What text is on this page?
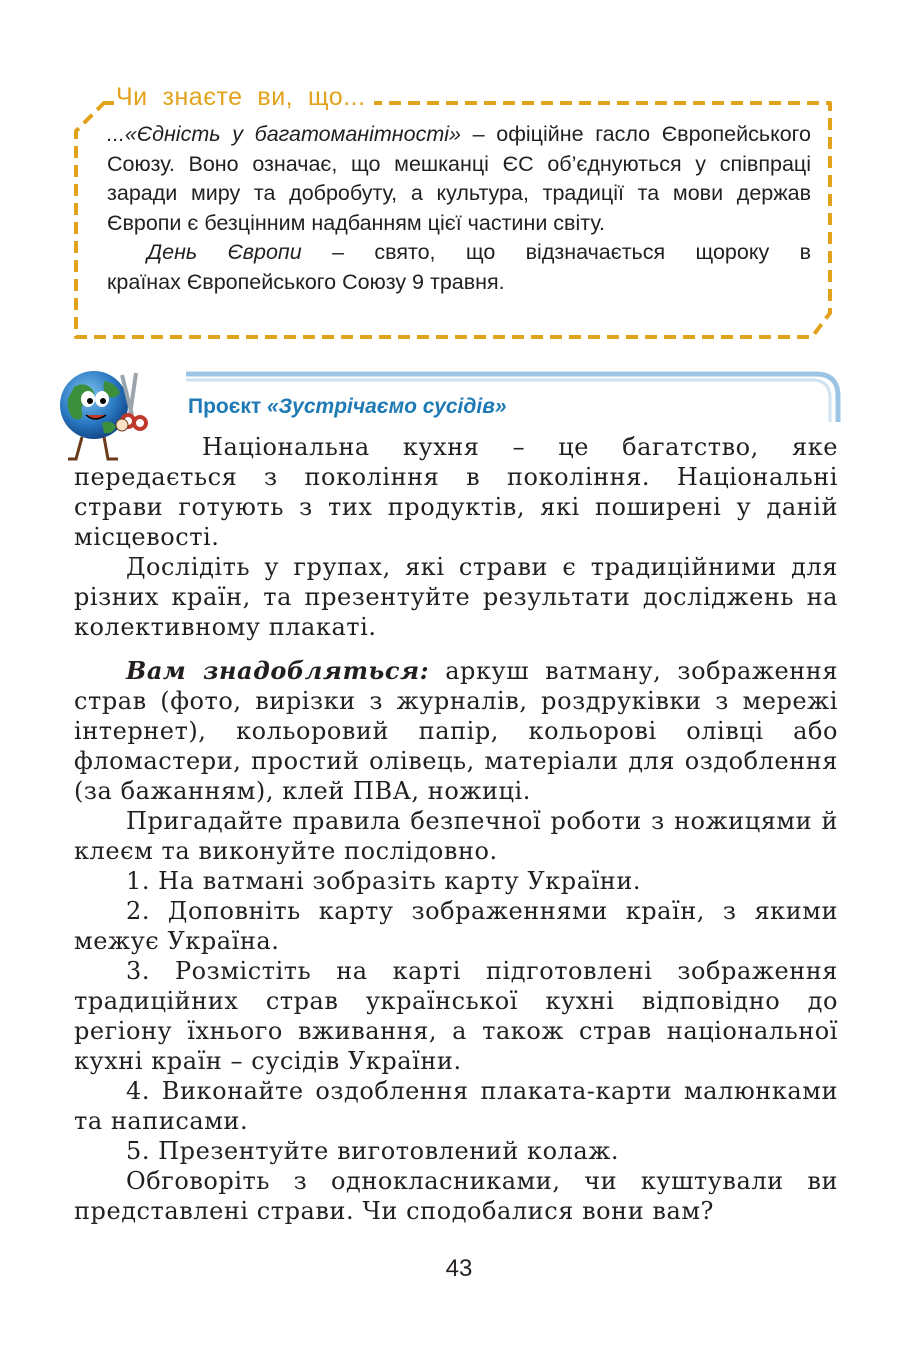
Чи  знаєте  ви,  що...

...«Єдність у багатоманітності» – офіційне гасло Європейського Союзу. Воно означає, що мешканці ЄС об’єднуються у співпраці заради миру та добробуту, а культура, традиції та мови держав Європи є безцінним надбанням цієї частини світу.

День Європи – свято, що відзначається щороку в

країнах Європейського Союзу 9 травня.

Проєкт «Зустрічаємо сусідів»

Національна кухня – це багатство, яке передається з покоління в покоління. Національні страви готують з тих продуктів, які поширені у даній місцевості.

Дослідіть у групах, які страви є традиційними для різних країн, та презентуйте результати досліджень на колективному плакаті.

Вам знадобляться: аркуш ватману, зображення страв (фото, вирізки з журналів, роздруківки з мережі інтернет), кольоровий папір, кольорові олівці або фломастери, простий олівець, матеріали для оздоблення (за бажанням), клей ПВА, ножиці.

Пригадайте правила безпечної роботи з ножицями й клеєм та виконуйте послідовно.

1. На ватмані зобразіть карту України.

2. Доповніть карту зображеннями країн, з якими межує Україна.

3. Розмістіть на карті підготовлені зображення традиційних страв української кухні відповідно до регіону їхнього вживання, а також страв національної кухні країн – сусідів України.

4. Виконайте оздоблення плаката-карти малюнками та написами.

5. Презентуйте виготовлений колаж.

Обговоріть з однокласниками, чи куштували ви представлені страви. Чи сподобалися вони вам?

43
